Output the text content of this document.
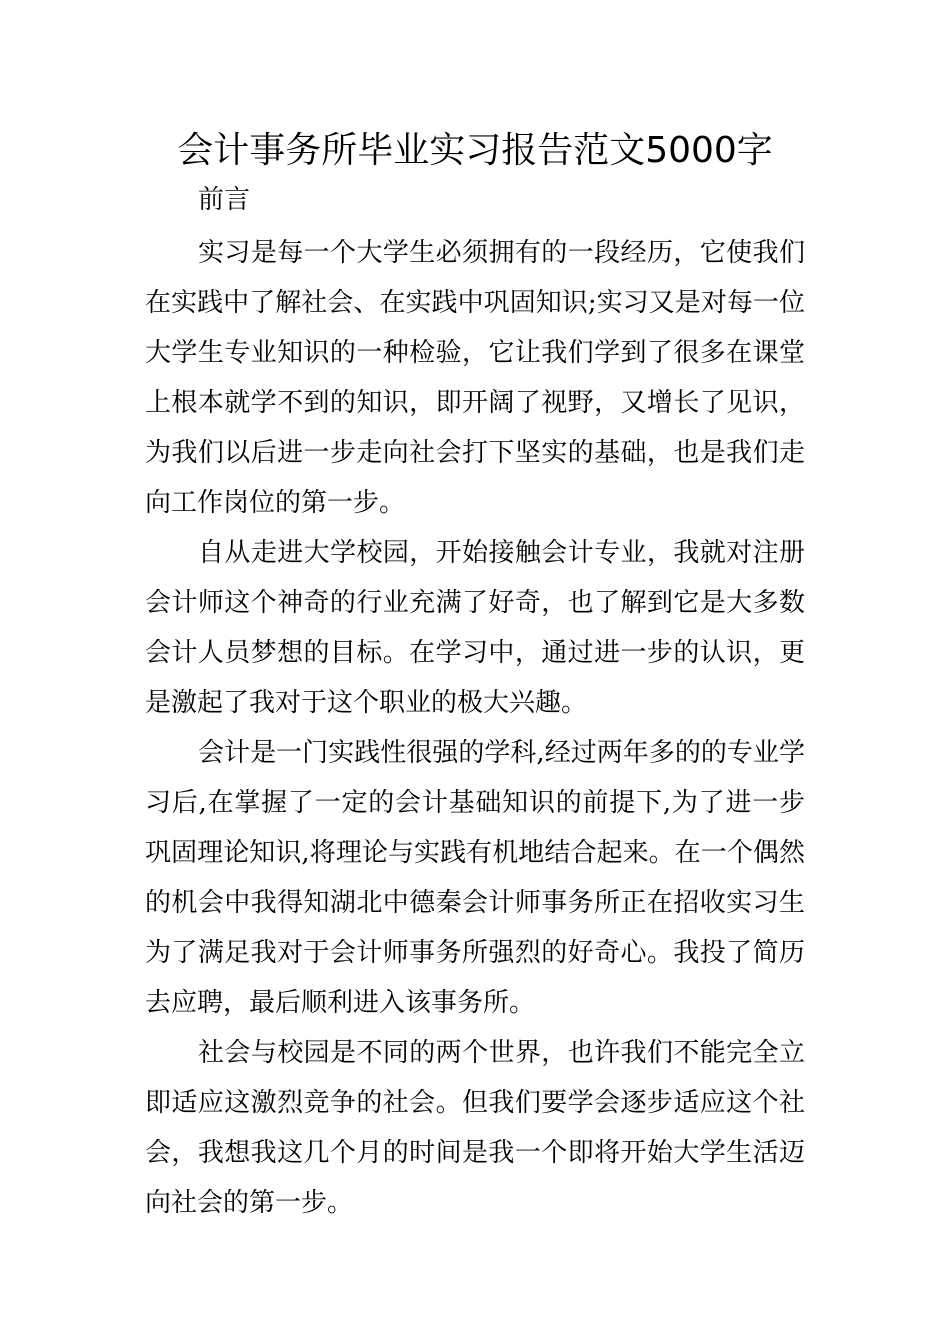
会计事务所毕业实习报告范文5000字
前言
实习是每一个大学生必须拥有的一段经历，它使我们
在实践中了解社会、在实践中巩固知识;实习又是对每一位
大学生专业知识的一种检验，它让我们学到了很多在课堂
上根本就学不到的知识，即开阔了视野，又增长了见识，
为我们以后进一步走向社会打下坚实的基础，也是我们走
向工作岗位的第一步。
自从走进大学校园，开始接触会计专业，我就对注册
会计师这个神奇的行业充满了好奇，也了解到它是大多数
会计人员梦想的目标。在学习中，通过进一步的认识，更
是激起了我对于这个职业的极大兴趣。
会计是一门实践性很强的学科,经过两年多的的专业学
习后,在掌握了一定的会计基础知识的前提下,为了进一步
巩固理论知识,将理论与实践有机地结合起来。在一个偶然
的机会中我得知湖北中德秦会计师事务所正在招收实习生
为了满足我对于会计师事务所强烈的好奇心。我投了简历
去应聘，最后顺利进入该事务所。
社会与校园是不同的两个世界，也许我们不能完全立
即适应这激烈竞争的社会。但我们要学会逐步适应这个社
会，我想我这几个月的时间是我一个即将开始大学生活迈
向社会的第一步。
